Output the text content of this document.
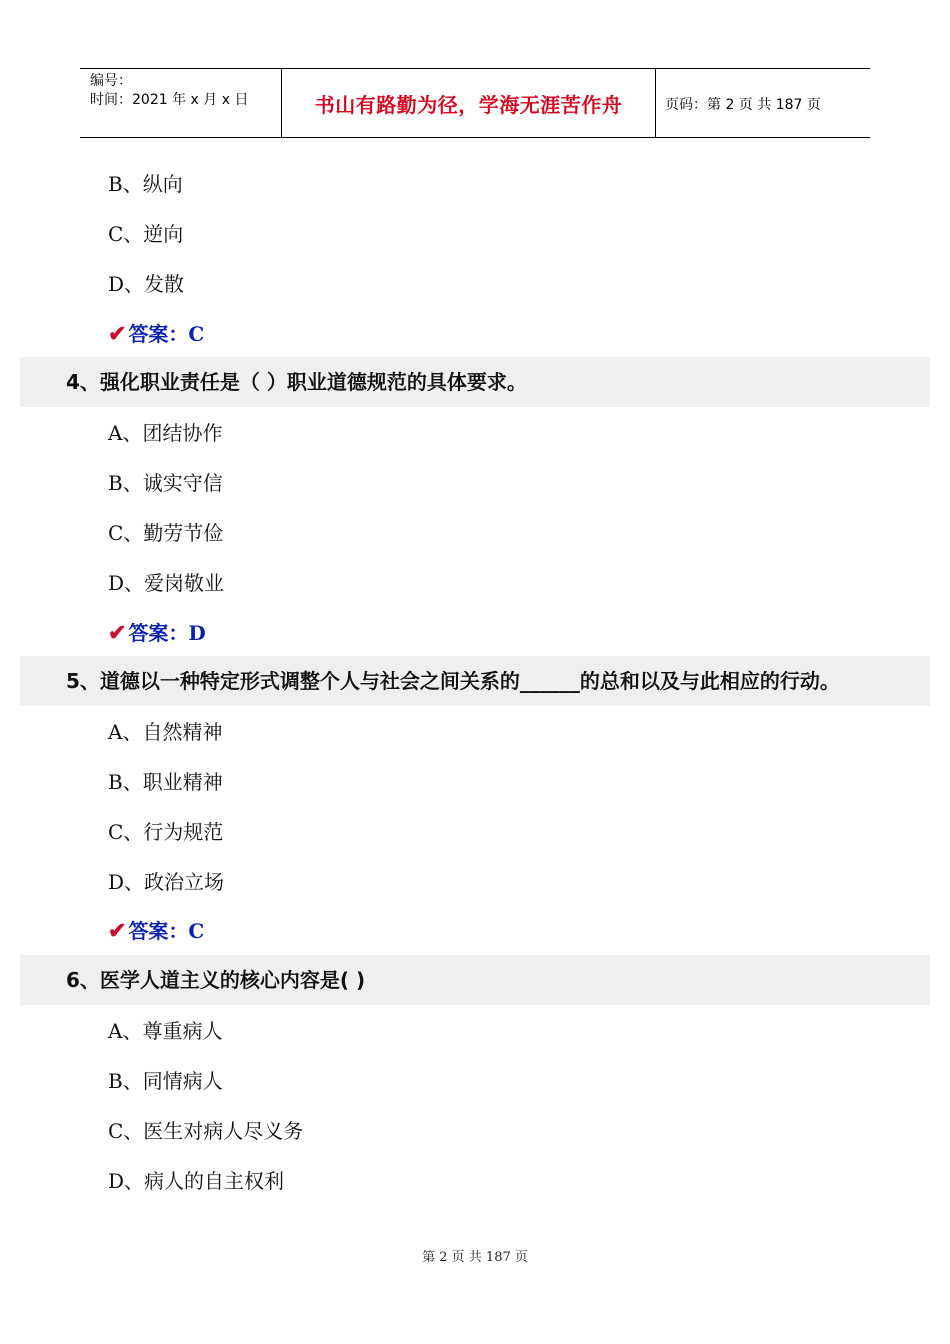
编号：
时间：2021 年 x 月 x 日	书山有路勤为径，学海无涯苦作舟	页码：第 2 页 共 187 页
B、纵向
C、逆向
D、发散
✔ 答案：C
4、强化职业责任是（ ）职业道德规范的具体要求。
A、团结协作
B、诚实守信
C、勤劳节俭
D、爱岗敬业
✔ 答案：D
5、道德以一种特定形式调整个人与社会之间关系的______的总和以及与此相应的行动。
A、自然精神
B、职业精神
C、行为规范
D、政治立场
✔ 答案：C
6、医学人道主义的核心内容是( )
A、尊重病人
B、同情病人
C、医生对病人尽义务
D、病人的自主权利
第 2 页 共 187 页
